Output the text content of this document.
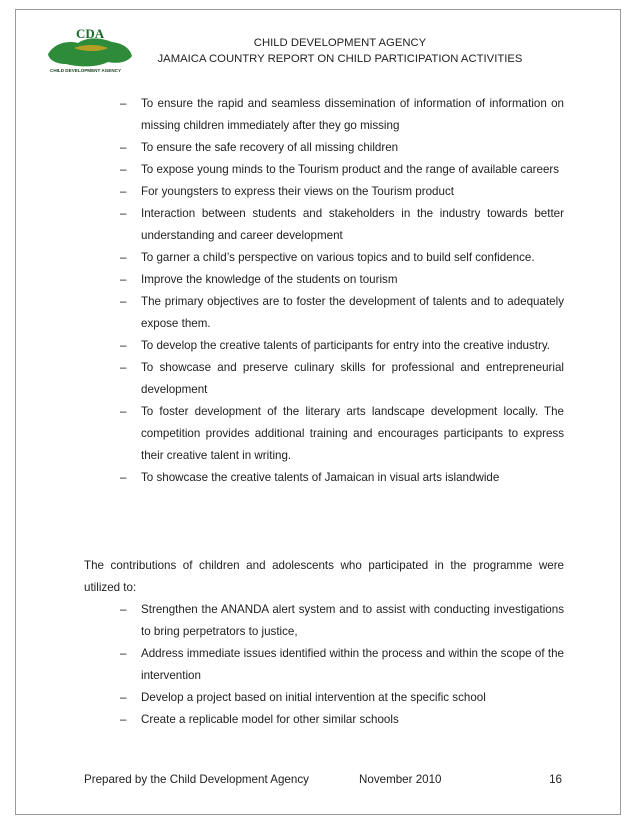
CDA
CHILD DEVELOPMENT AGENCY
CHILD DEVELOPMENT AGENCY
JAMAICA COUNTRY REPORT ON CHILD PARTICIPATION ACTIVITIES
– To ensure the rapid and seamless dissemination of information of information on missing children immediately after they go missing
– To ensure the safe recovery of all missing children
– To expose young minds to the Tourism product and the range of available careers
– For youngsters to express their views on the Tourism product
– Interaction between students and stakeholders in the industry towards better understanding and career development
– To garner a child’s perspective on various topics and to build self confidence.
– Improve the knowledge of the students on tourism
– The primary objectives are to foster the development of talents and to adequately expose them.
– To develop the creative talents of participants for entry into the creative industry.
– To showcase and preserve culinary skills for professional and entrepreneurial development
– To foster development of the literary arts landscape development locally. The competition provides additional training and encourages participants to express their creative talent in writing.
– To showcase the creative talents of Jamaican in visual arts islandwide

The contributions of children and adolescents who participated in the programme were utilized to:

– Strengthen the ANANDA alert system and to assist with conducting investigations to bring perpetrators to justice,
– Address immediate issues identified within the process and within the scope of the intervention
– Develop a project based on initial intervention at the specific school
– Create a replicable model for other similar schools
Prepared by the Child Development Agency	November 2010	16
